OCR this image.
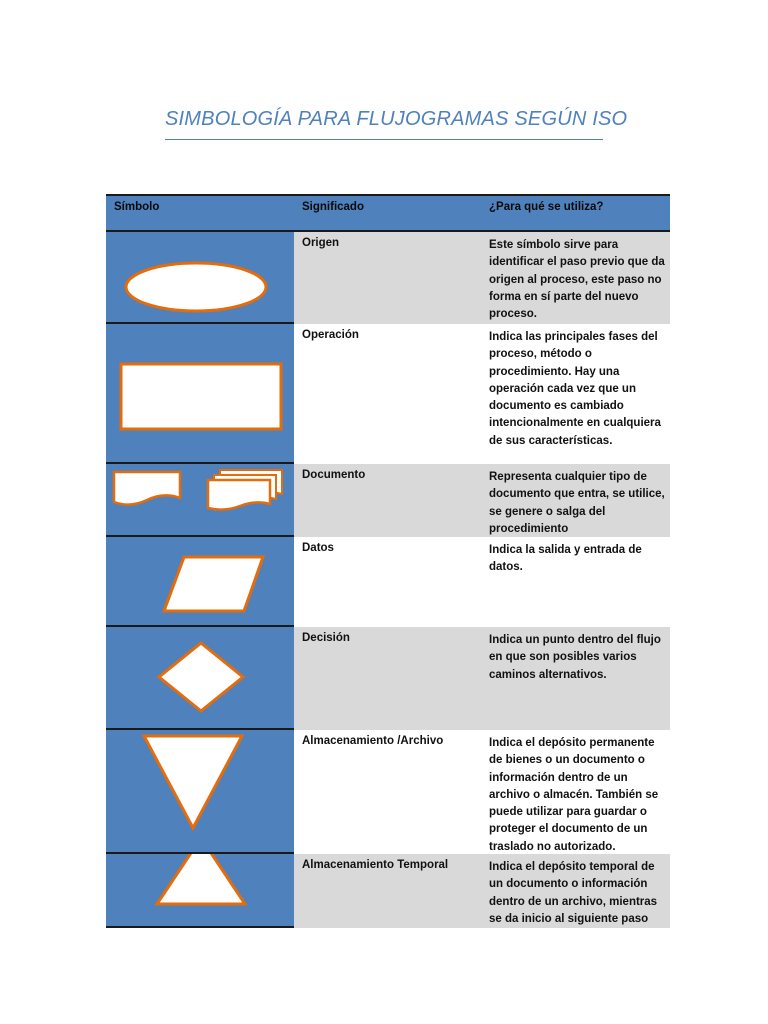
SIMBOLOGÍA PARA FLUJOGRAMAS SEGÚN ISO
Símbolo	Significado	¿Para qué se utiliza?
Origen	Este símbolo sirve para identificar el paso previo que da origen al proceso, este paso no forma en sí parte del nuevo proceso.
Operación	Indica las principales fases del proceso, método o procedimiento. Hay una operación cada vez que un documento es cambiado intencionalmente en cualquiera de sus características.
Documento	Representa cualquier tipo de documento que entra, se utilice, se genere o salga del procedimiento
Datos	Indica la salida y entrada de datos.
Decisión	Indica un punto dentro del flujo en que son posibles varios caminos alternativos.
Almacenamiento /Archivo	Indica el depósito permanente de bienes o un documento o información dentro de un archivo o almacén. También se puede utilizar para guardar o proteger el documento de un traslado no autorizado.
Almacenamiento Temporal	Indica el depósito temporal de un documento o información dentro de un archivo, mientras se da inicio al siguiente paso
